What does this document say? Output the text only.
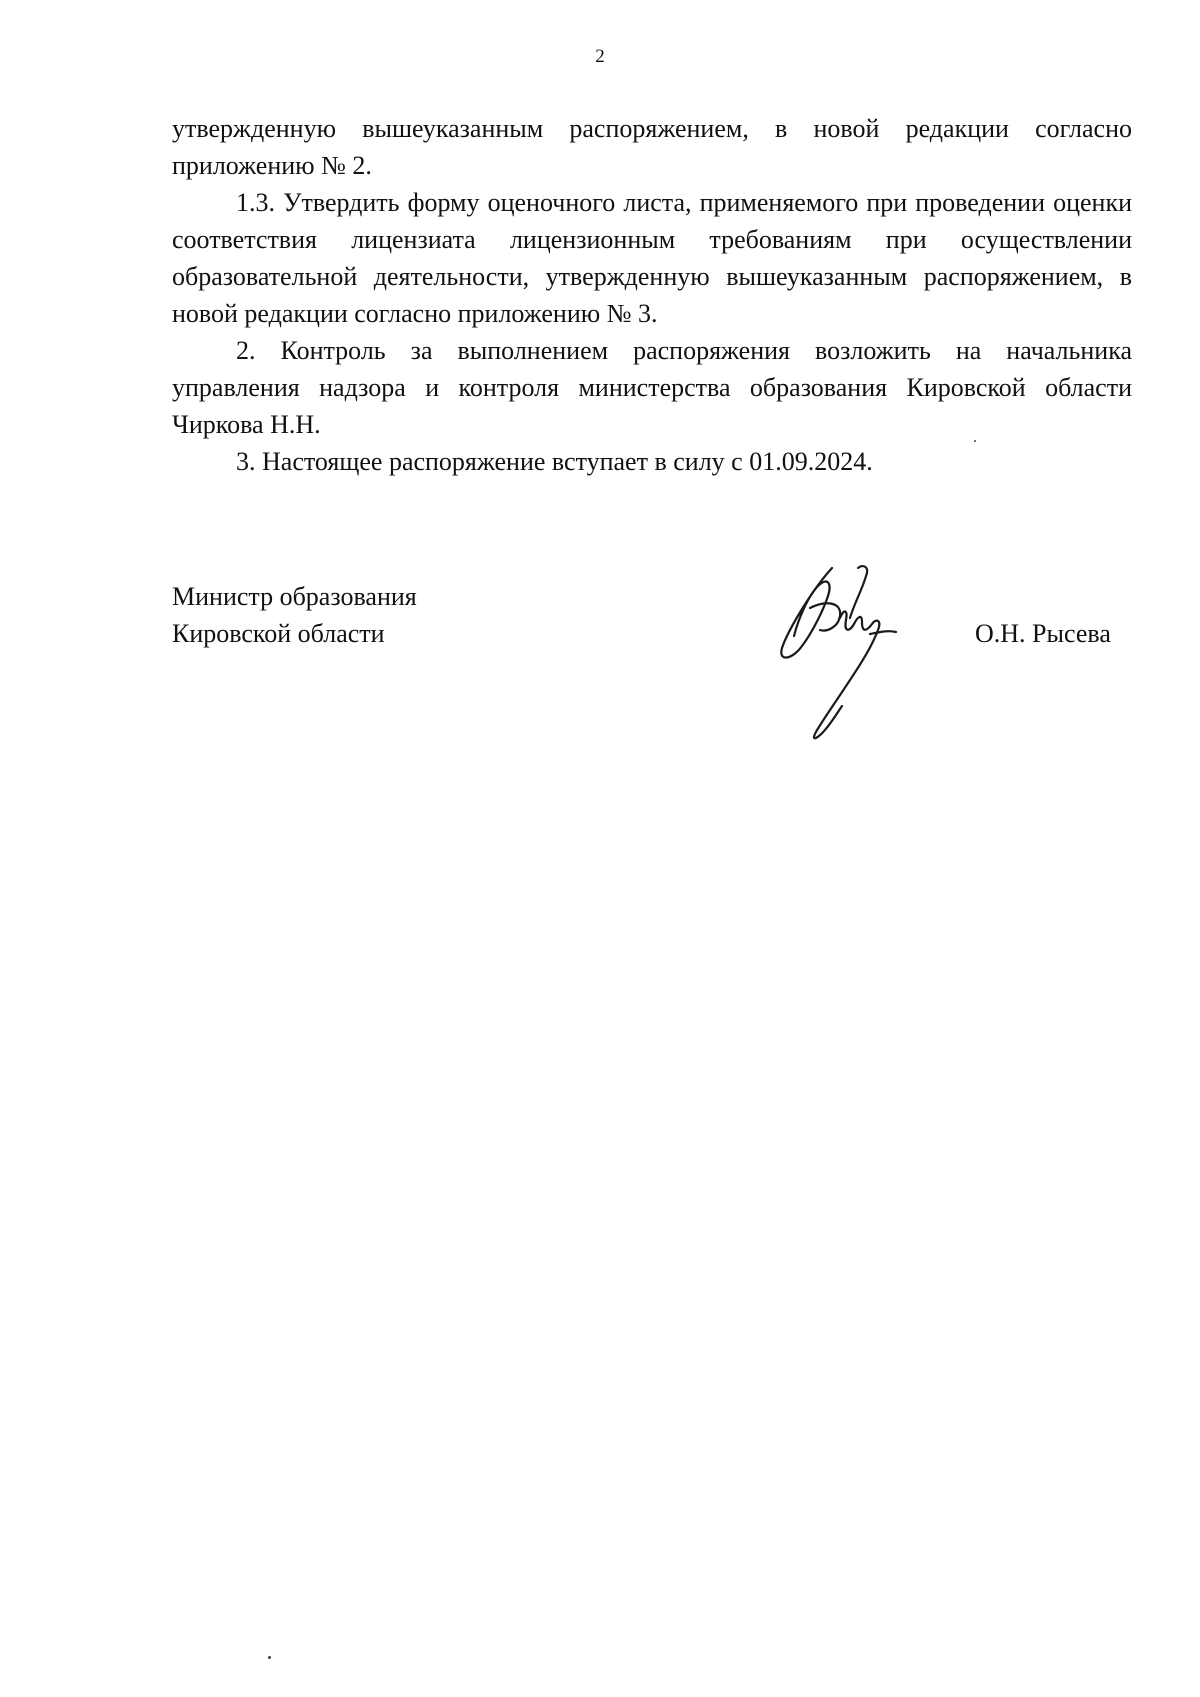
2

утвержденную вышеуказанным распоряжением, в новой редакции согласно приложению № 2.

1.3. Утвердить форму оценочного листа, применяемого при проведении оценки соответствия лицензиата лицензионным требованиям при осуществлении образовательной деятельности, утвержденную вышеуказанным распоряжением, в новой редакции согласно приложению № 3.

2. Контроль за выполнением распоряжения возложить на начальника управления надзора и контроля министерства образования Кировской области Чиркова Н.Н.

3. Настоящее распоряжение вступает в силу с 01.09.2024.

Министр образования
Кировской области	О.Н. Рысева
